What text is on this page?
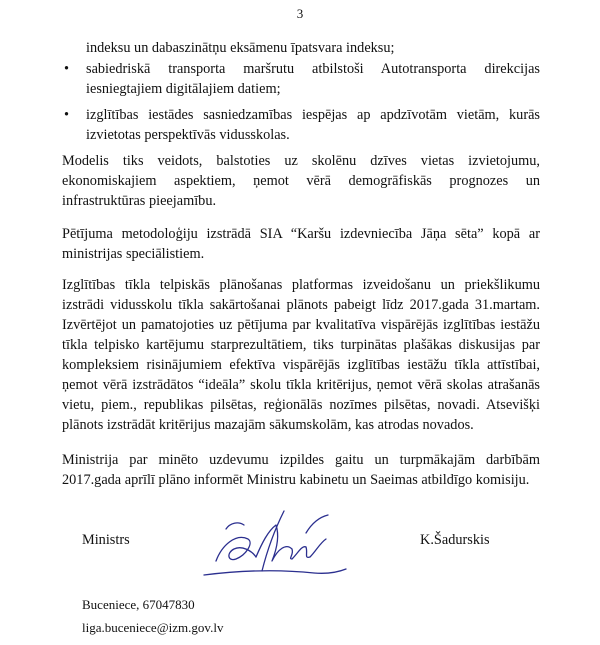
3
indeksu un dabaszinātņu eksāmenu īpatsvara indeksu;
• sabiedriskā transporta maršrutu atbilstoši Autotransporta direkcijas iesniegtajiem digitālajiem datiem;
• izglītības iestādes sasniedzamības iespējas ap apdzīvotām vietām, kurās izvietotas perspektīvās vidusskolas.
Modelis tiks veidots, balstoties uz skolēnu dzīves vietas izvietojumu, ekonomiskajiem aspektiem, ņemot vērā demogrāfiskās prognozes un infrastruktūras pieejamību.
Pētījuma metodoloģiju izstrādā SIA “Karšu izdevniecība Jāņa sēta” kopā ar ministrijas speciālistiem.
Izglītības tīkla telpiskās plānošanas platformas izveidošanu un priekšlikumu izstrādi vidusskolu tīkla sakārtošanai plānots pabeigt līdz 2017.gada 31.martam. Izvērtējot un pamatojoties uz pētījuma par kvalitatīva vispārējās izglītības iestāžu tīkla telpisko kartējumu starprezultātiem, tiks turpinātas plašākas diskusijas par kompleksiem risinājumiem efektīva vispārējās izglītības iestāžu tīkla attīstībai, ņemot vērā izstrādātos “ideāla” skolu tīkla kritērijus, ņemot vērā skolas atrašanās vietu, piem., republikas pilsētas, reģionālās nozīmes pilsētas, novadi. Atsevišķi plānots izstrādāt kritērijus mazajām sākumskolām, kas atrodas novados.
Ministrija par minēto uzdevumu izpildes gaitu un turpmākajām darbībām 2017.gada aprīlī plāno informēt Ministru kabinetu un Saeimas atbildīgo komisiju.
Ministrs	K.Šadurskis
Buceniece, 67047830
liga.buceniece@izm.gov.lv
